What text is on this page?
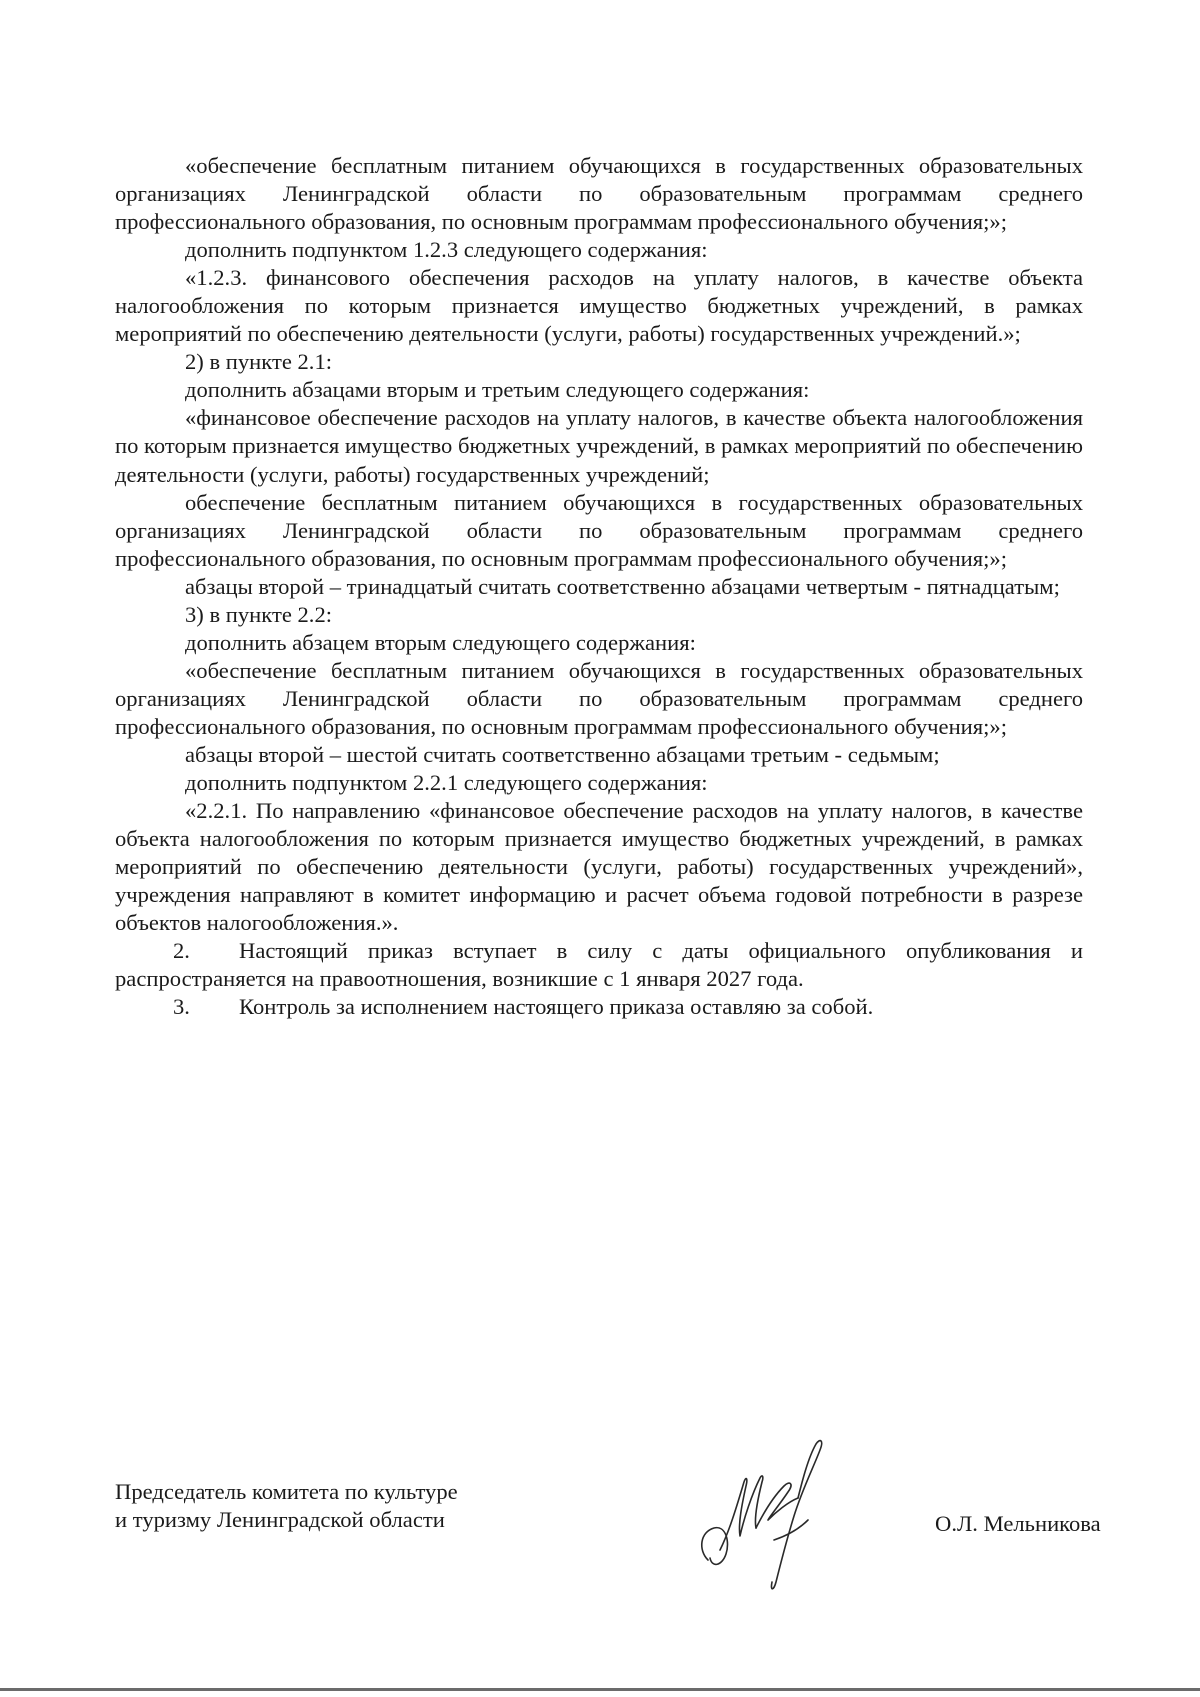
«обеспечение бесплатным питанием обучающихся в государственных образовательных организациях Ленинградской области по образовательным программам среднего профессионального образования, по основным программам профессионального обучения;»;

дополнить подпунктом 1.2.3 следующего содержания:

«1.2.3. финансового обеспечения расходов на уплату налогов, в качестве объекта налогообложения по которым признается имущество бюджетных учреждений, в рамках мероприятий по обеспечению деятельности (услуги, работы) государственных учреждений.»;

2) в пункте 2.1:

дополнить абзацами вторым и третьим следующего содержания:

«финансовое обеспечение расходов на уплату налогов, в качестве объекта налогообложения по которым признается имущество бюджетных учреждений, в рамках мероприятий по обеспечению деятельности (услуги, работы) государственных учреждений;

обеспечение бесплатным питанием обучающихся в государственных образовательных организациях Ленинградской области по образовательным программам среднего профессионального образования, по основным программам профессионального обучения;»;

абзацы второй – тринадцатый считать соответственно абзацами четвертым - пятнадцатым;

3) в пункте 2.2:

дополнить абзацем вторым следующего содержания:

«обеспечение бесплатным питанием обучающихся в государственных образовательных организациях Ленинградской области по образовательным программам среднего профессионального образования, по основным программам профессионального обучения;»;

абзацы второй – шестой считать соответственно абзацами третьим - седьмым;

дополнить подпунктом 2.2.1 следующего содержания:

«2.2.1. По направлению «финансовое обеспечение расходов на уплату налогов, в качестве объекта налогообложения по которым признается имущество бюджетных учреждений, в рамках мероприятий по обеспечению деятельности (услуги, работы) государственных учреждений», учреждения направляют в комитет информацию и расчет объема годовой потребности в разрезе объектов налогообложения.».

2. Настоящий приказ вступает в силу с даты официального опубликования и распространяется на правоотношения, возникшие с 1 января 2027 года.

3. Контроль за исполнением настоящего приказа оставляю за собой.

Председатель комитета по культуре
и туризму Ленинградской области	О.Л. Мельникова
